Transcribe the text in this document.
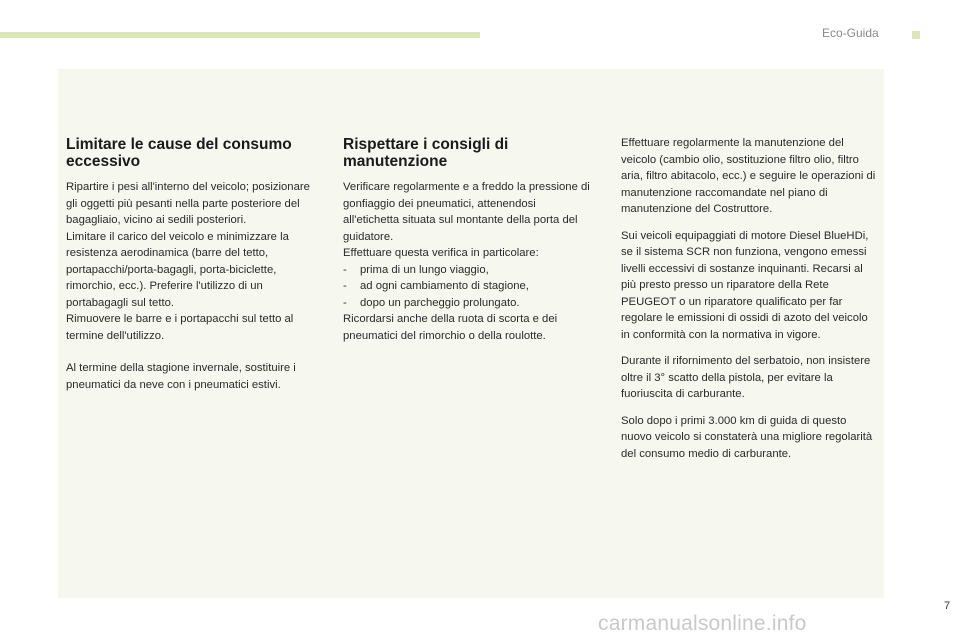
Eco-Guida
Limitare le cause del consumo eccessivo

Ripartire i pesi all'interno del veicolo; posizionare gli oggetti più pesanti nella parte posteriore del bagagliaio, vicino ai sedili posteriori.

Limitare il carico del veicolo e minimizzare la resistenza aerodinamica (barre del tetto, portapacchi/porta-bagagli, porta-biciclette, rimorchio, ecc.). Preferire l'utilizzo di un portabagagli sul tetto.

Rimuovere le barre e i portapacchi sul tetto al termine dell'utilizzo.

Al termine della stagione invernale, sostituire i pneumatici da neve con i pneumatici estivi.

Rispettare i consigli di manutenzione

Verificare regolarmente e a freddo la pressione di gonfiaggio dei pneumatici, attenendosi all'etichetta situata sul montante della porta del guidatore.

Effettuare questa verifica in particolare:

-	prima di un lungo viaggio,
-	ad ogni cambiamento di stagione,
-	dopo un parcheggio prolungato.

Ricordarsi anche della ruota di scorta e dei pneumatici del rimorchio o della roulotte.

Effettuare regolarmente la manutenzione del veicolo (cambio olio, sostituzione filtro olio, filtro aria, filtro abitacolo, ecc.) e seguire le operazioni di manutenzione raccomandate nel piano di manutenzione del Costruttore.

Sui veicoli equipaggiati di motore Diesel BlueHDi, se il sistema SCR non funziona, vengono emessi livelli eccessivi di sostanze inquinanti. Recarsi al più presto presso un riparatore della Rete PEUGEOT o un riparatore qualificato per far regolare le emissioni di ossidi di azoto del veicolo in conformità con la normativa in vigore.

Durante il rifornimento del serbatoio, non insistere oltre il 3° scatto della pistola, per evitare la fuoriuscita di carburante.

Solo dopo i primi 3.000 km di guida di questo nuovo veicolo si constaterà una migliore regolarità del consumo medio di carburante.

7
carmanualsonline.info
